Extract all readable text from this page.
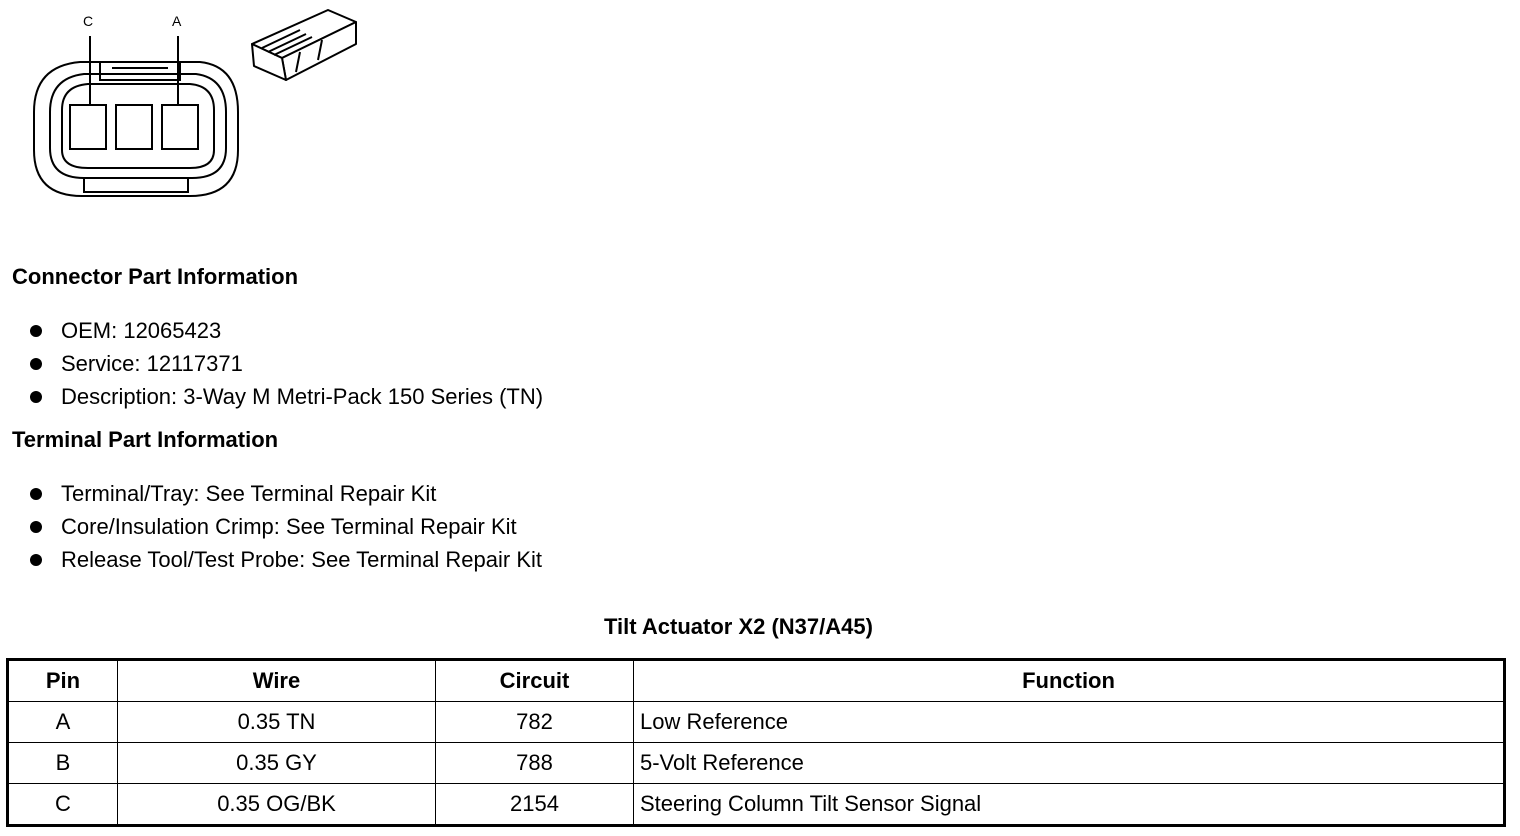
C	A
Connector Part Information
OEM: 12065423
Service: 12117371
Description: 3-Way M Metri-Pack 150 Series (TN)
Terminal Part Information
Terminal/Tray: See Terminal Repair Kit
Core/Insulation Crimp: See Terminal Repair Kit
Release Tool/Test Probe: See Terminal Repair Kit
Tilt Actuator X2 (N37/A45)
Pin	Wire	Circuit	Function
A	0.35 TN	782	Low Reference
B	0.35 GY	788	5-Volt Reference
C	0.35 OG/BK	2154	Steering Column Tilt Sensor Signal
